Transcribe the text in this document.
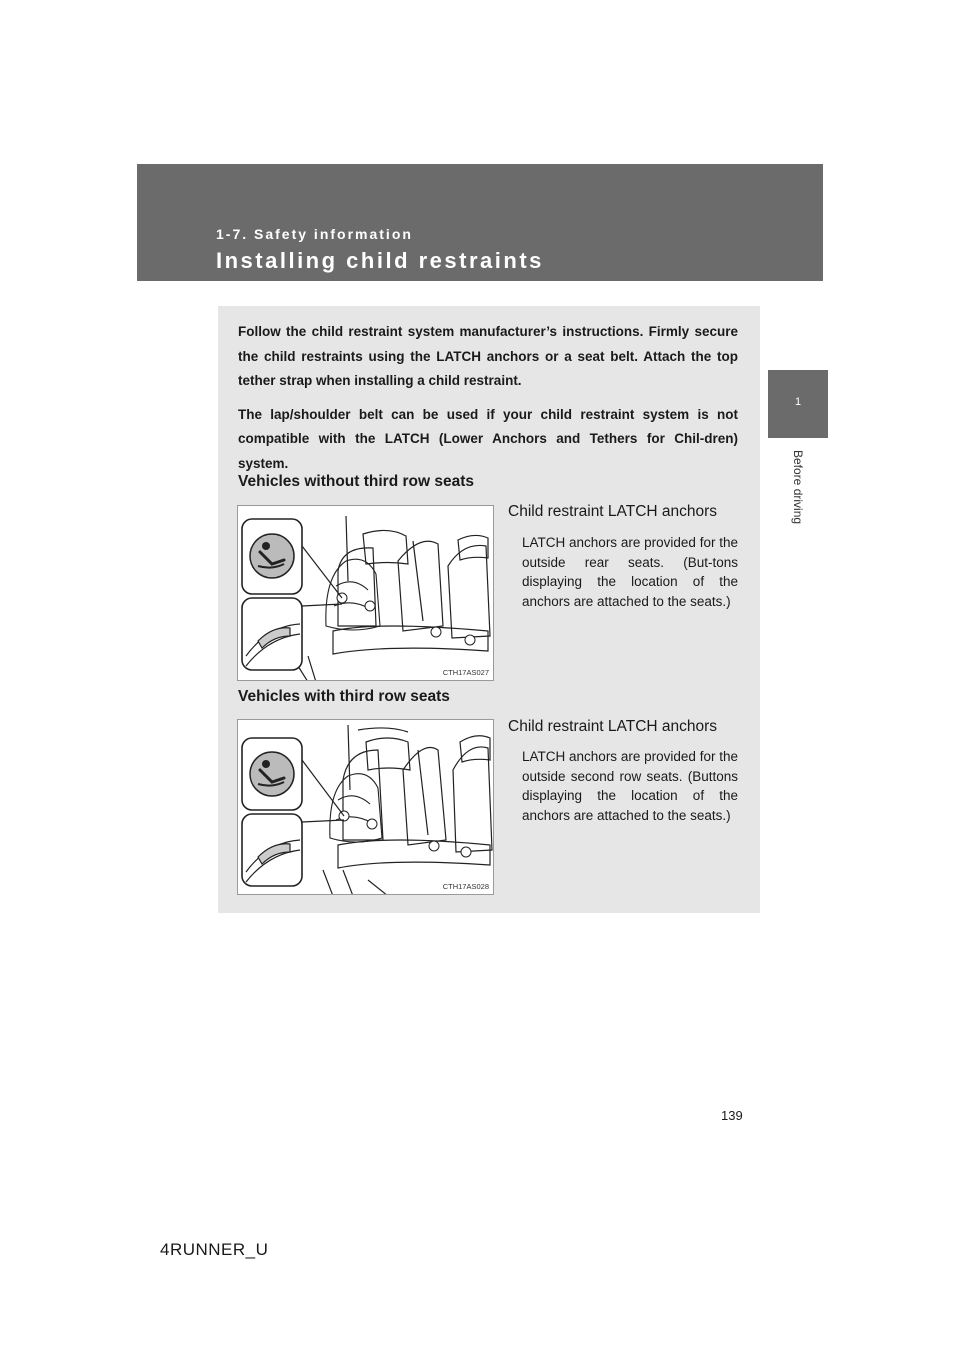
1-7. Safety information
Installing child restraints
1
Before driving

Follow the child restraint system manufacturer’s instructions. Firmly secure the child restraints using the LATCH anchors or a seat belt. Attach the top tether strap when installing a child restraint.

The lap/shoulder belt can be used if your child restraint system is not compatible with the LATCH (Lower Anchors and Tethers for Chil-dren) system.

Vehicles without third row seats
CTH17AS027
Child restraint LATCH anchors
LATCH anchors are provided for the outside rear seats. (But-tons displaying the location of the anchors are attached to the seats.)
Vehicles with third row seats
CTH17AS028
Child restraint LATCH anchors
LATCH anchors are provided for the outside second row seats. (Buttons displaying the location of the anchors are attached to the seats.)
139
4RUNNER_U
